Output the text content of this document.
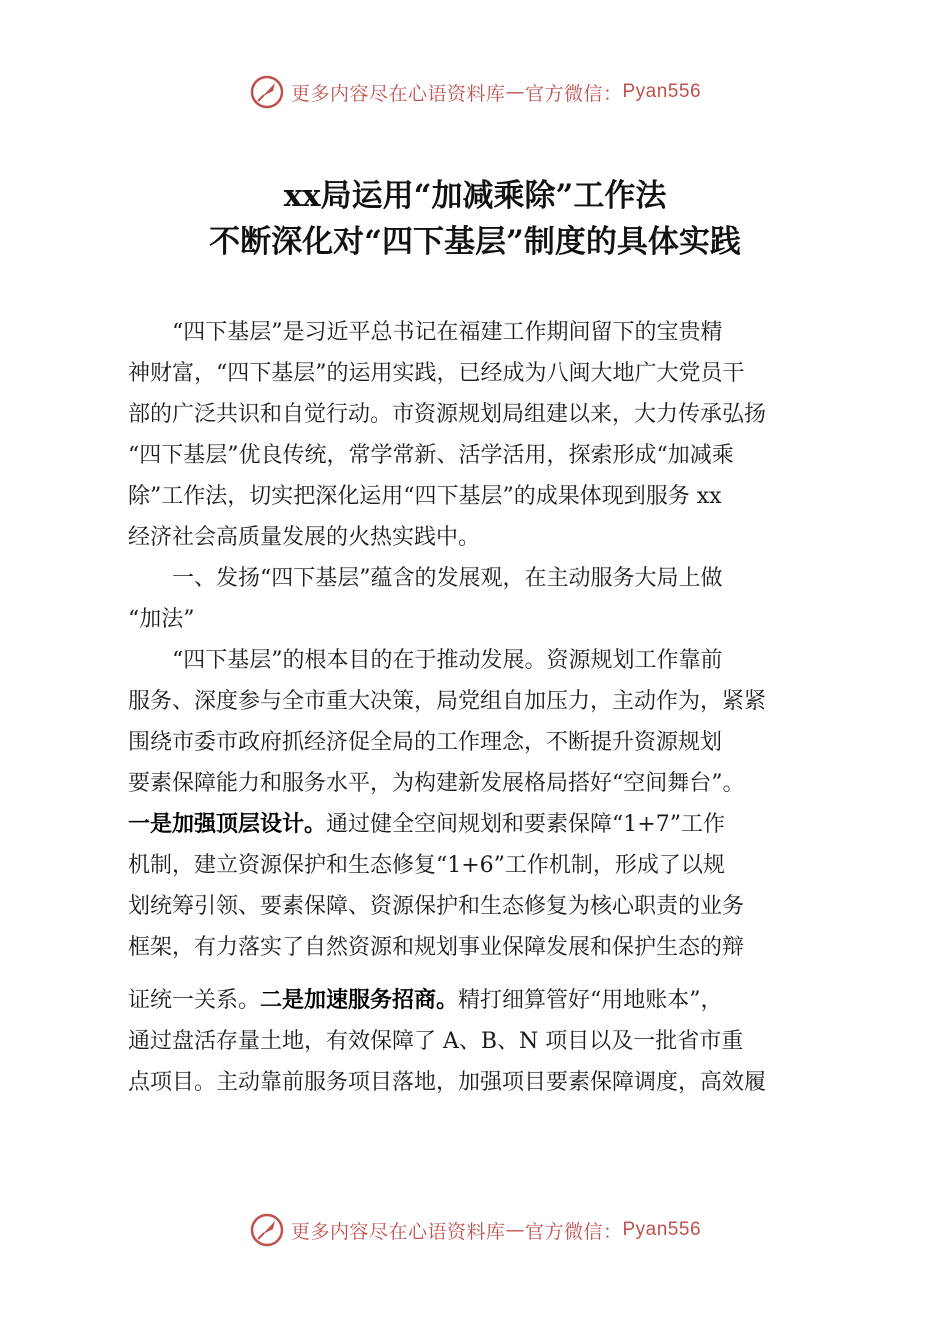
更多内容尽在心语资料库 — 官方微信： Pyan556
xx局运用“加减乘除”工作法
不断深化对“四下基层”制度的具体实践
“四下基层”是习近平总书记在福建工作期间留下的宝贵精
神财富，“四下基层”的运用实践，已经成为八闽大地广大党员干
部的广泛共识和自觉行动。市资源规划局组建以来，大力传承弘扬
“四下基层”优良传统，常学常新、活学活用，探索形成“加减乘
除”工作法，切实把深化运用“四下基层”的成果体现到服务 xx
经济社会高质量发展的火热实践中。
一、发扬“四下基层”蕴含的发展观，在主动服务大局上做
“加法”
“四下基层”的根本目的在于推动发展。资源规划工作靠前
服务、深度参与全市重大决策，局党组自加压力，主动作为，紧紧
围绕市委市政府抓经济促全局的工作理念，不断提升资源规划
要素保障能力和服务水平，为构建新发展格局搭好“空间舞台”。
一是加强顶层设计。通过健全空间规划和要素保障“1+7”工作
机制，建立资源保护和生态修复“1+6”工作机制，形成了以规
划统筹引领、要素保障、资源保护和生态修复为核心职责的业务
框架，有力落实了自然资源和规划事业保障发展和保护生态的辩
证统一关系。二是加速服务招商。精打细算管好“用地账本”，
通过盘活存量土地，有效保障了 A、B、N 项目以及一批省市重
点项目。主动靠前服务项目落地，加强项目要素保障调度，高效履
更多内容尽在心语资料库 — 官方微信： Pyan556
